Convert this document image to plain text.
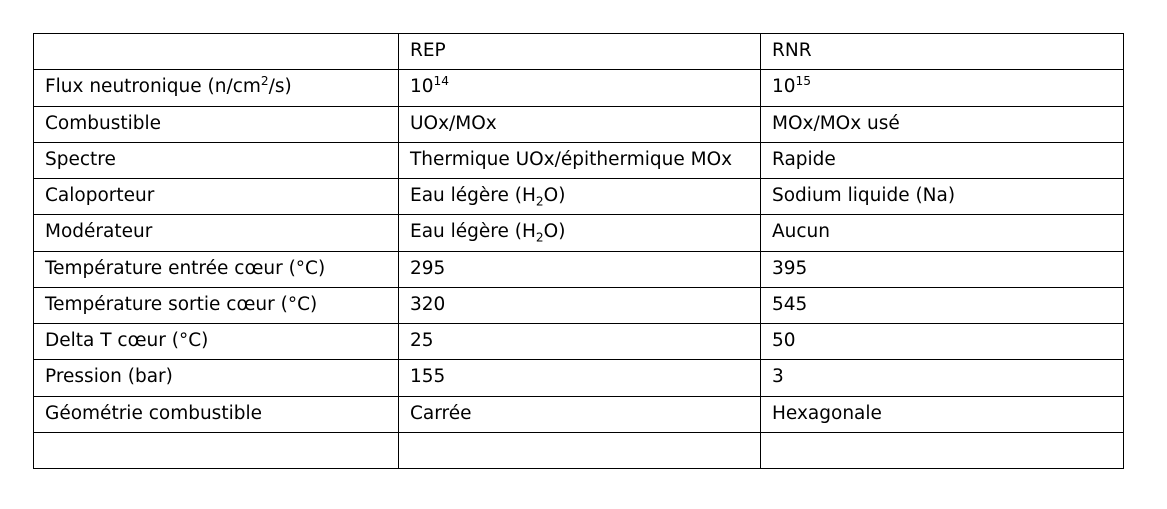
	REP	RNR
Flux neutronique $(n/cm^2/s)$	$10^{14}$	$10^{15}$
Combustible	UOx/MOx	MOx/MOx usé
Spectre	Thermique UOx/épithermique MOx	Rapide
Caloporteur	Eau légère $(H_2O)$	Sodium liquide (Na)
Modérateur	Eau légère $(H_2O)$	Aucun
Température entrée cœur (°C)	295	395
Température sortie cœur (°C)	320	545
Delta T cœur (°C)	25	50
Pression (bar)	155	3
Géométrie combustible	Carrée	Hexagonale
